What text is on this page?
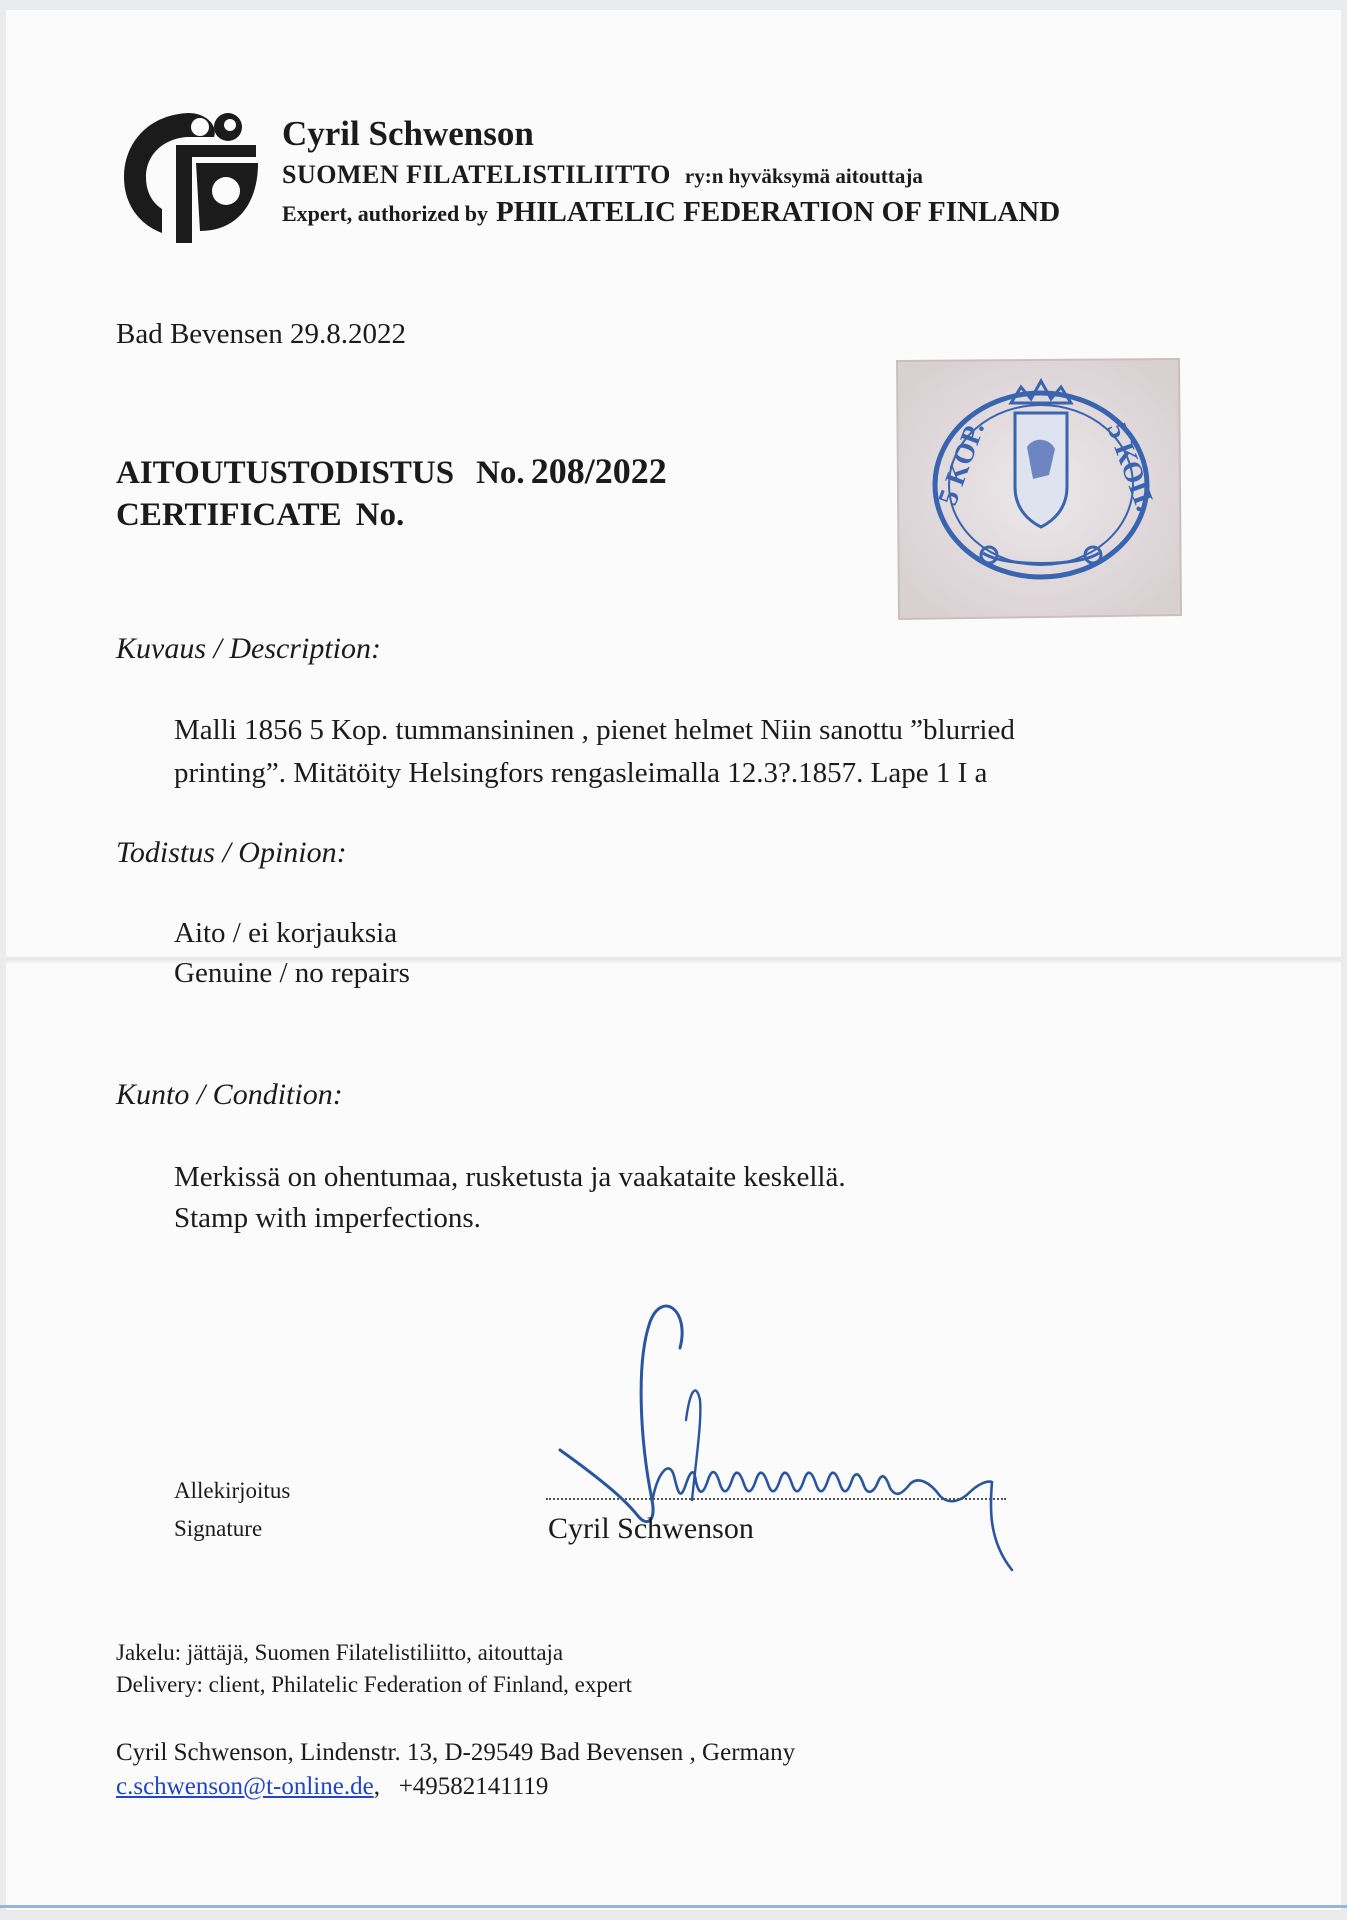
Cyril Schwenson
SUOMEN FILATELISTILIITTO ry:n hyväksymä aitouttaja
Expert, authorized by PHILATELIC FEDERATION OF FINLAND
Bad Bevensen 29.8.2022
AITOUTUSTODISTUS No. 208/2022
CERTIFICATE No.
5 KOP.	5 КОП.
Kuvaus / Description:
Malli 1856 5 Kop. tummansininen , pienet helmet Niin sanottu ”blurried
printing”. Mitätöity Helsingfors rengasleimalla 12.3?.1857. Lape 1 I a
Todistus / Opinion:
Aito / ei korjauksia
Genuine / no repairs
Kunto / Condition:
Merkissä on ohentumaa, rusketusta ja vaakataite keskellä.
Stamp with imperfections.
Allekirjoitus
Signature	Cyril Schwenson
Jakelu: jättäjä, Suomen Filatelistiliitto, aitouttaja
Delivery: client, Philatelic Federation of Finland, expert
Cyril Schwenson, Lindenstr. 13, D-29549 Bad Bevensen , Germany
c.schwenson@t-online.de,   +49582141119
